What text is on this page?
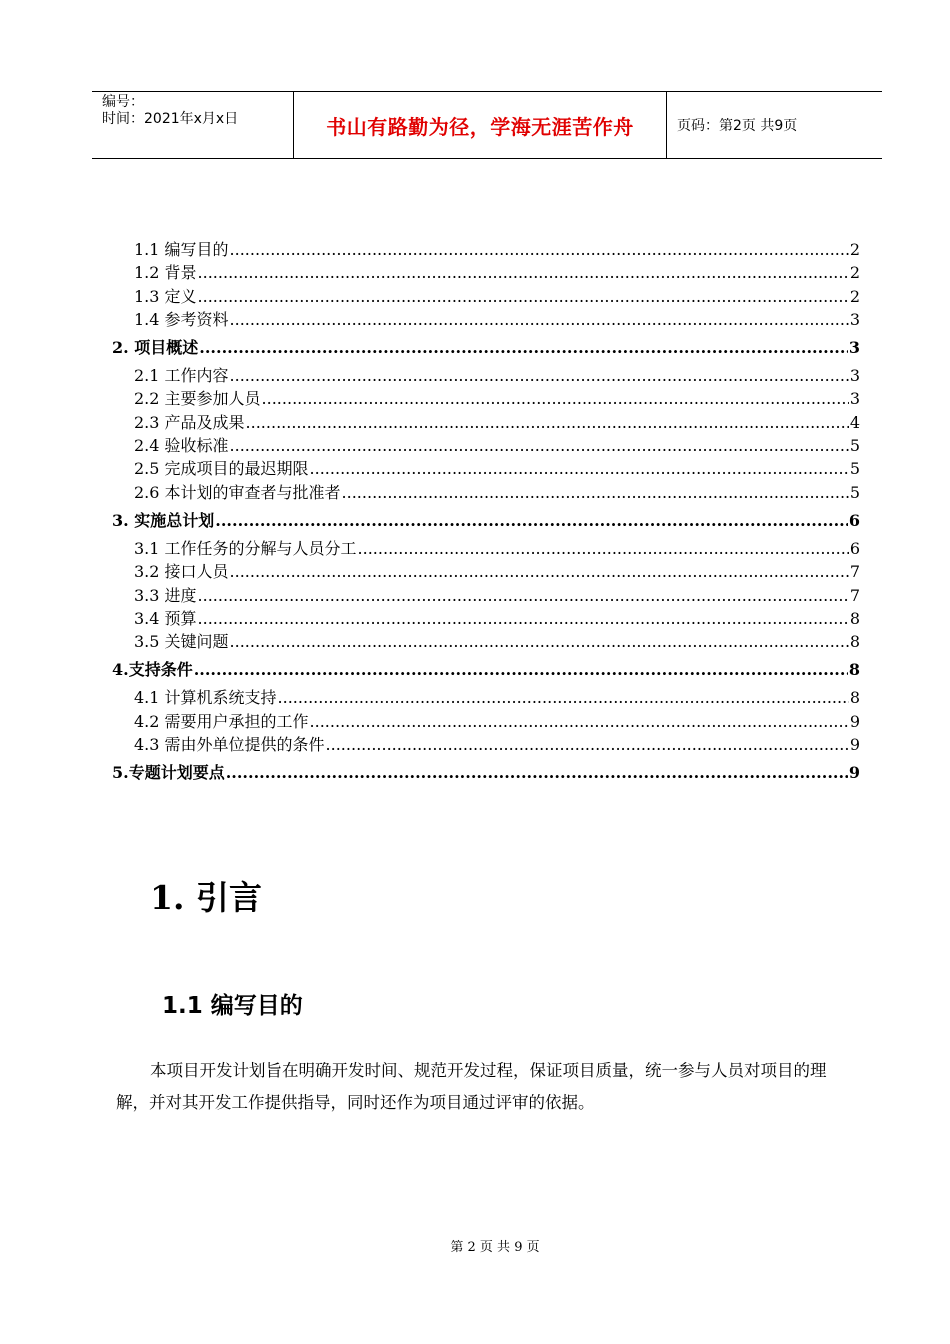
编号：
时间：2021年x月x日	书山有路勤为径，学海无涯苦作舟	页码：第2页 共9页
1.1 编写目的 .....	2
1.2 背景 .....	2
1.3 定义 .....	2
1.4 参考资料 .....	3
2. 项目概述 .....	3
2.1 工作内容 .....	3
2.2 主要参加人员 .....	3
2.3 产品及成果 .....	4
2.4 验收标准 .....	5
2.5 完成项目的最迟期限 .....	5
2.6 本计划的审查者与批准者 .....	5
3. 实施总计划 .....	6
3.1 工作任务的分解与人员分工 .....	6
3.2 接口人员 .....	7
3.3 进度 .....	7
3.4 预算 .....	8
3.5 关键问题 .....	8
4.支持条件 .....	8
4.1 计算机系统支持 .....	8
4.2 需要用户承担的工作 .....	9
4.3 需由外单位提供的条件 .....	9
5.专题计划要点 .....	9
1. 引言
1.1 编写目的
本项目开发计划旨在明确开发时间、规范开发过程，保证项目质量，统一参与人员对项目的理解，并对其开发工作提供指导，同时还作为项目通过评审的依据。
第 2 页 共 9 页
